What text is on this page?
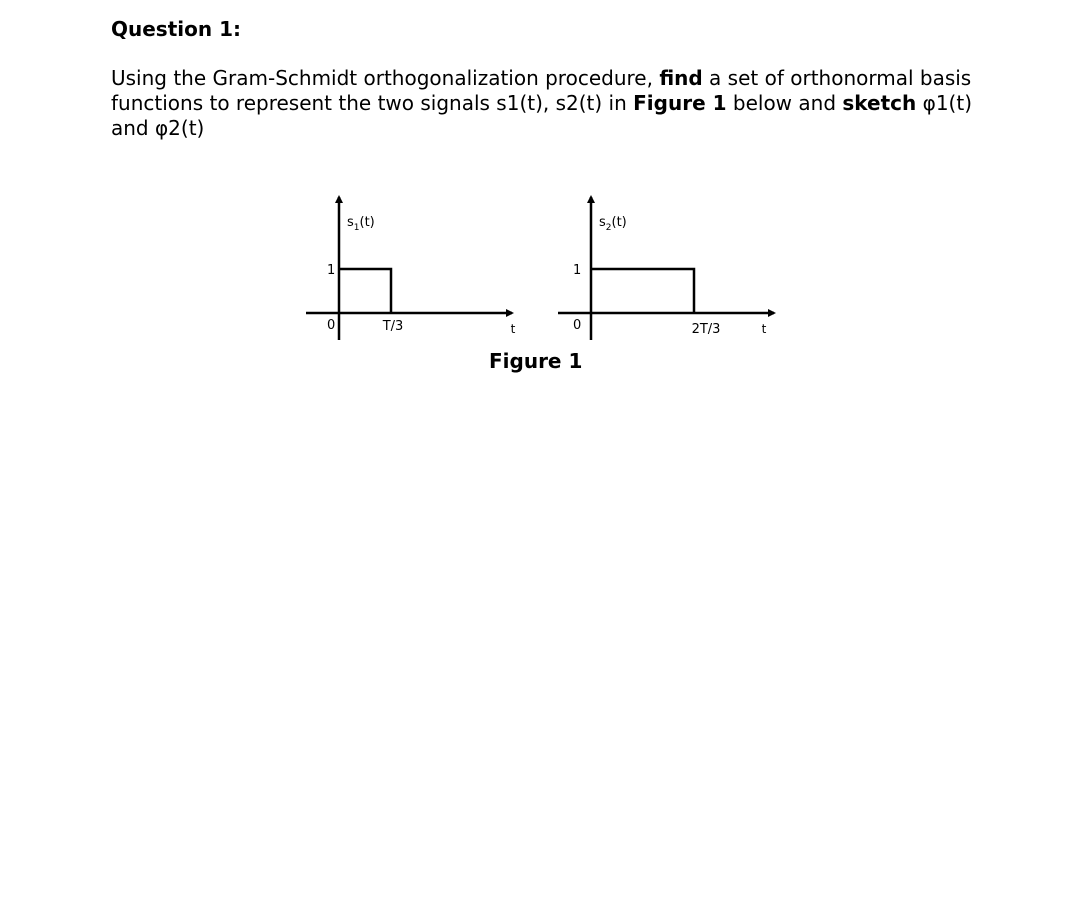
Question 1:

Using the Gram-Schmidt orthogonalization procedure, find a set of orthonormal basis functions to represent the two signals s1(t), s2(t) in Figure 1 below and sketch φ1(t) and φ2(t)

$s_1(t)$
1
0	T/3	t
$s_2(t)$
1
0	2T/3	t
Figure 1
